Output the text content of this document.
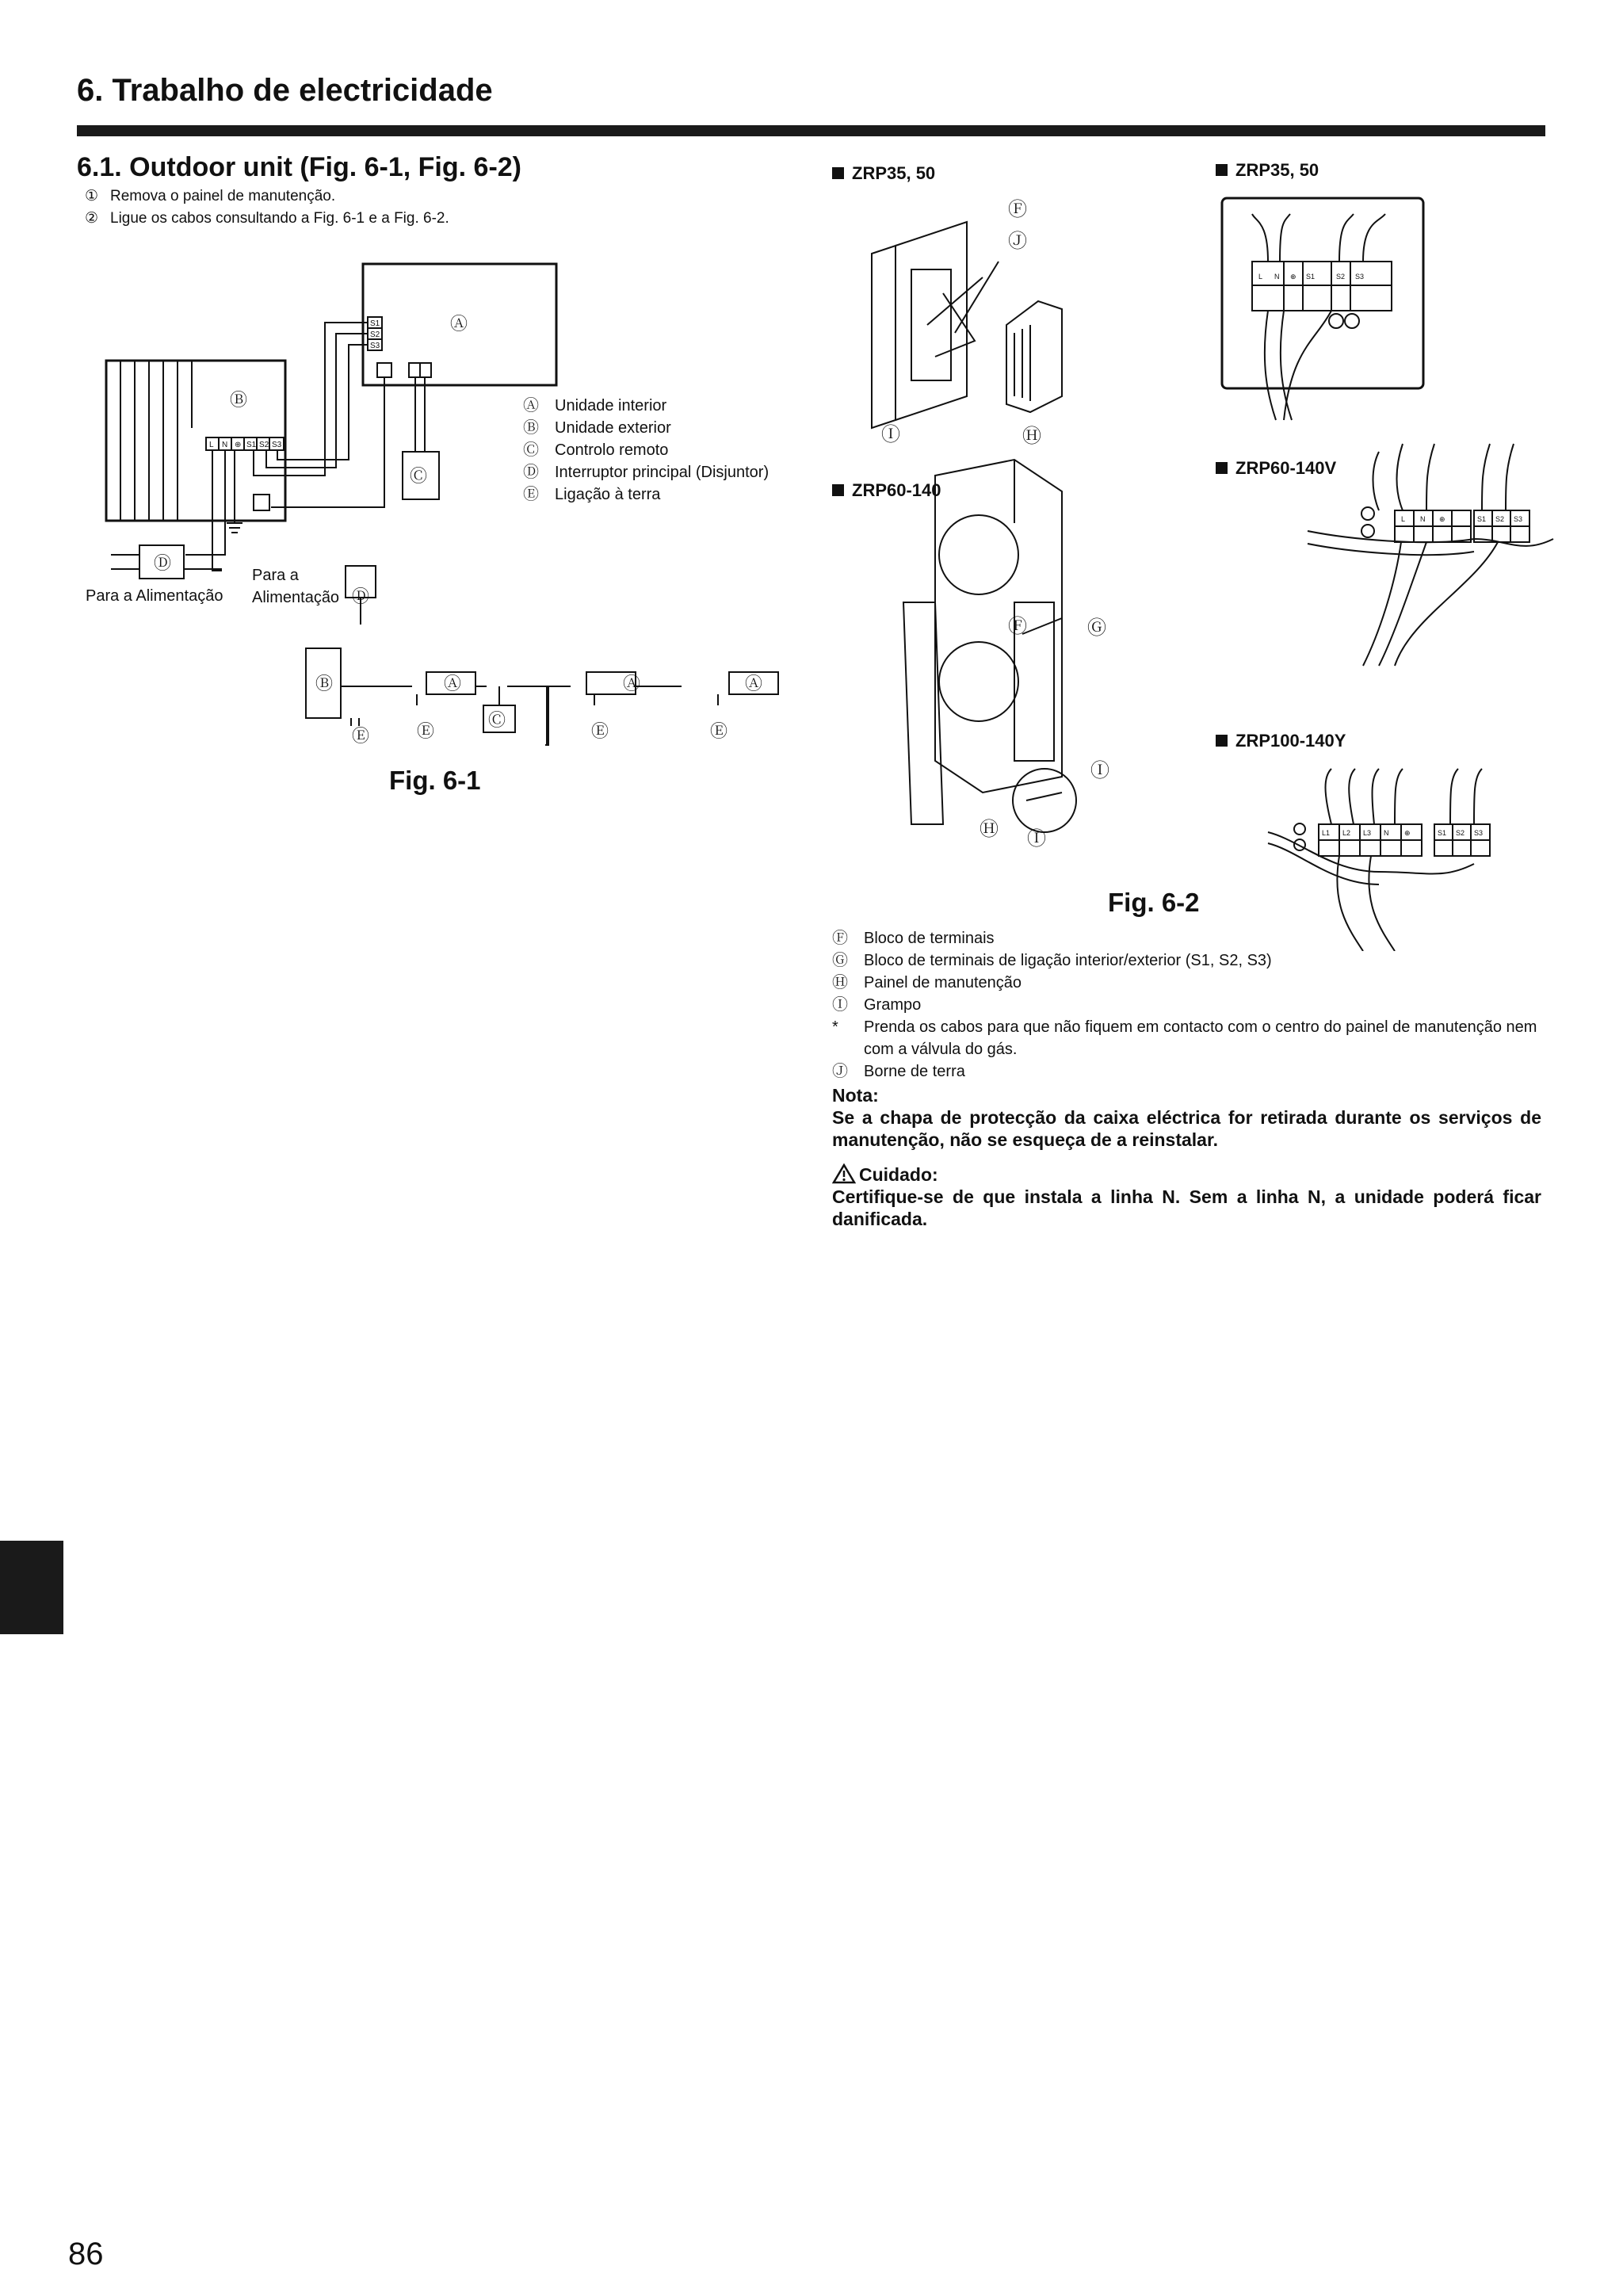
6. Trabalho de electricidade
6.1. Outdoor unit (Fig. 6-1, Fig. 6-2)
① Remova o painel de manutenção.
② Ligue os cabos consultando a Fig. 6-1 e a Fig. 6-2.
Ⓐ
Ⓑ
Ⓒ
Ⓓ
Ⓓ
Ⓑ	Ⓐ	Ⓐ	Ⓐ
Ⓒ
Ⓔ	Ⓔ	Ⓔ	Ⓔ
S1
S2
S3
L N ⊕ S1 S2 S3
Para a Alimentação
Para a
Alimentação
Ⓐ Unidade interior
Ⓑ Unidade exterior
Ⓒ Controlo remoto
Ⓓ Interruptor principal (Disjuntor)
Ⓔ Ligação à terra
Fig. 6-1
ZRP35, 50	ZRP35, 50
ZRP60-140
ZRP60-140V
ZRP100-140Y
L N ⊕ S1	S2 S3
L N ⊕	S1 S2 S3
L1 L2 L3 N ⊕	S1 S2 S3
Ⓕ
Ⓙ
Ⓘ	Ⓗ
Ⓕ	Ⓖ
Ⓘ
Ⓗ Ⓘ
Fig. 6-2
Ⓕ	Bloco de terminais
Ⓖ	Bloco de terminais de ligação interior/exterior (S1, S2, S3)
Ⓗ	Painel de manutenção
Ⓘ	Grampo
*	Prenda os cabos para que não fiquem em contacto com o centro do painel de manutenção nem com a válvula do gás.
Ⓙ	Borne de terra

Nota:

Se a chapa de protecção da caixa eléctrica for retirada durante os serviços de manutenção, não se esqueça de a reinstalar.

Cuidado:

Certifique-se de que instala a linha N. Sem a linha N, a unidade poderá ficar danificada.

86
